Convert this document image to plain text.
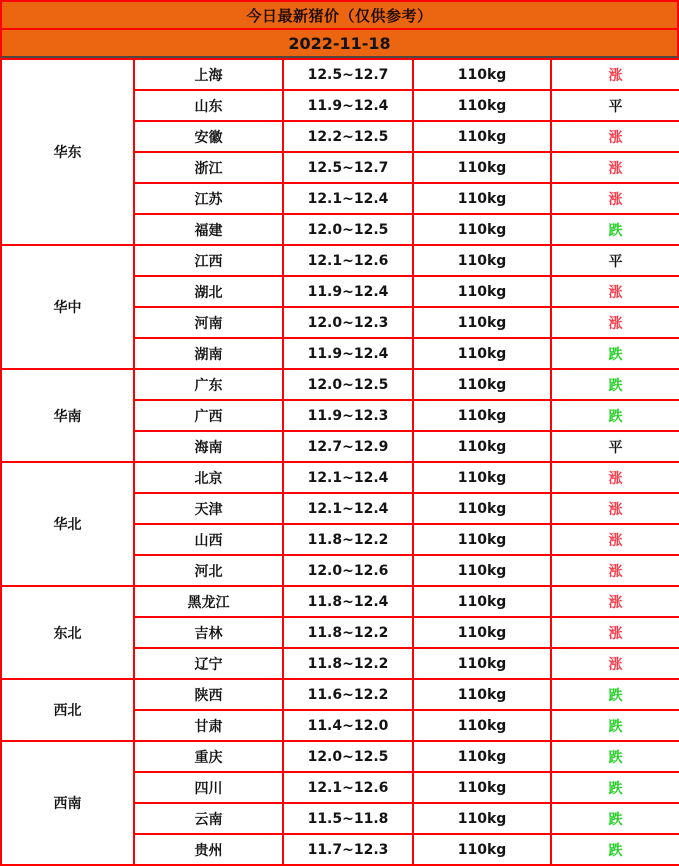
今日最新猪价（仅供参考）
2022-11-18
华东	上海	12.5~12.7	110kg	涨
	山东	11.9~12.4	110kg	平
	安徽	12.2~12.5	110kg	涨
	浙江	12.5~12.7	110kg	涨
	江苏	12.1~12.4	110kg	涨
	福建	12.0~12.5	110kg	跌
华中	江西	12.1~12.6	110kg	平
	湖北	11.9~12.4	110kg	涨
	河南	12.0~12.3	110kg	涨
	湖南	11.9~12.4	110kg	跌
华南	广东	12.0~12.5	110kg	跌
	广西	11.9~12.3	110kg	跌
	海南	12.7~12.9	110kg	平
华北	北京	12.1~12.4	110kg	涨
	天津	12.1~12.4	110kg	涨
	山西	11.8~12.2	110kg	涨
	河北	12.0~12.6	110kg	涨
东北	黑龙江	11.8~12.4	110kg	涨
	吉林	11.8~12.2	110kg	涨
	辽宁	11.8~12.2	110kg	涨
西北	陕西	11.6~12.2	110kg	跌
	甘肃	11.4~12.0	110kg	跌
西南	重庆	12.0~12.5	110kg	跌
	四川	12.1~12.6	110kg	跌
	云南	11.5~11.8	110kg	跌
	贵州	11.7~12.3	110kg	跌
